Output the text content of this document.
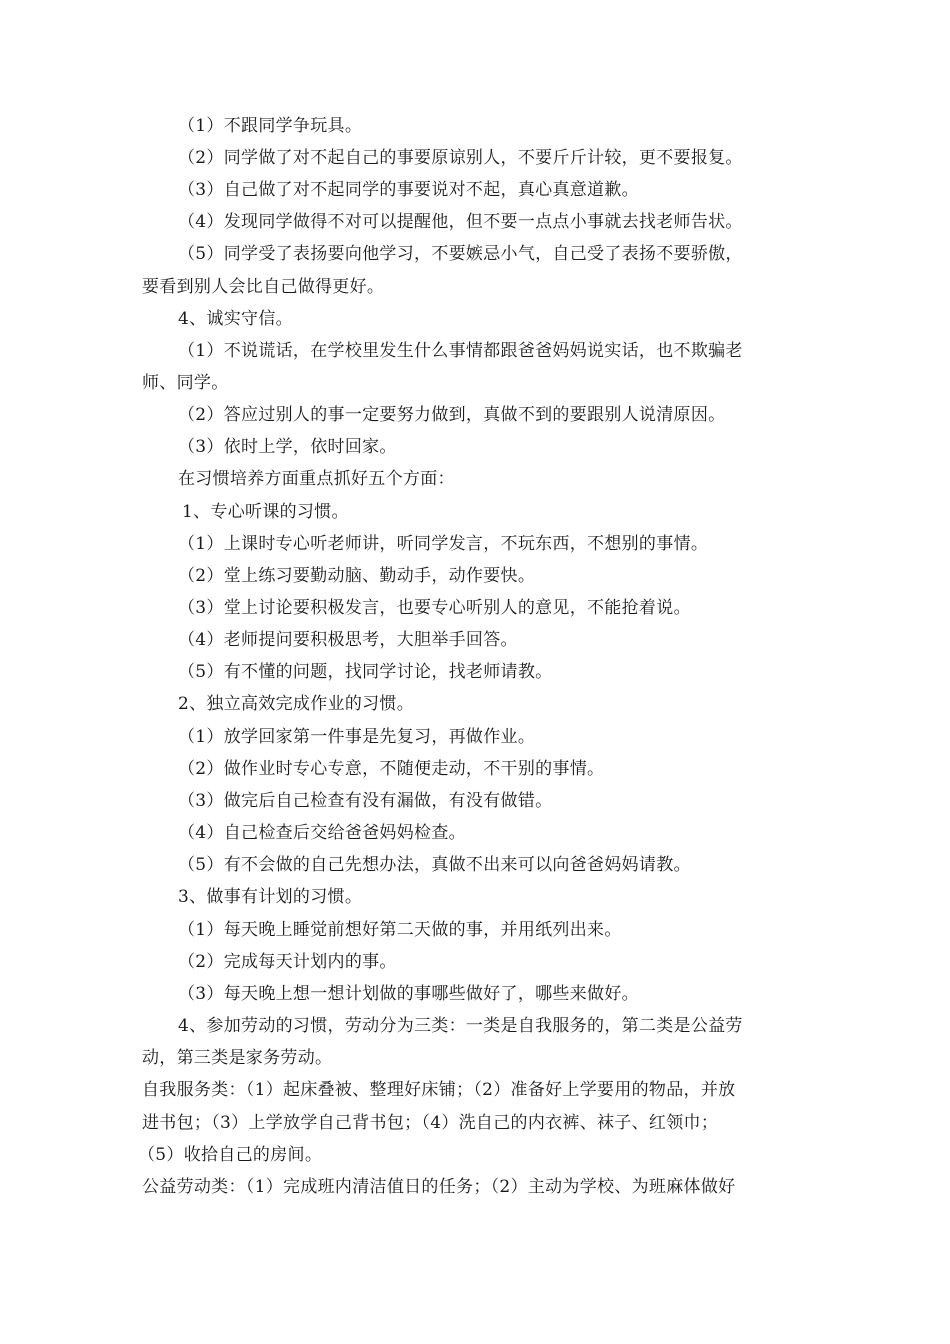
（1）不跟同学争玩具。
（2）同学做了对不起自己的事要原谅别人，不要斤斤计较，更不要报复。
（3）自己做了对不起同学的事要说对不起，真心真意道歉。
（4）发现同学做得不对可以提醒他，但不要一点点小事就去找老师告状。
（5）同学受了表扬要向他学习，不要嫉忌小气，自己受了表扬不要骄傲，
要看到别人会比自己做得更好。
4、诚实守信。
（1）不说谎话，在学校里发生什么事情都跟爸爸妈妈说实话，也不欺骗老
师、同学。
（2）答应过别人的事一定要努力做到，真做不到的要跟别人说清原因。
（3）依时上学，依时回家。
在习惯培养方面重点抓好五个方面：
1、专心听课的习惯。
（1）上课时专心听老师讲，听同学发言，不玩东西，不想别的事情。
（2）堂上练习要勤动脑、勤动手，动作要快。
（3）堂上讨论要积极发言，也要专心听别人的意见，不能抢着说。
（4）老师提问要积极思考，大胆举手回答。
（5）有不懂的问题，找同学讨论，找老师请教。
2、独立高效完成作业的习惯。
（1）放学回家第一件事是先复习，再做作业。
（2）做作业时专心专意，不随便走动，不干别的事情。
（3）做完后自己检查有没有漏做，有没有做错。
（4）自己检查后交给爸爸妈妈检查。
（5）有不会做的自己先想办法，真做不出来可以向爸爸妈妈请教。
3、做事有计划的习惯。
（1）每天晚上睡觉前想好第二天做的事，并用纸列出来。
（2）完成每天计划内的事。
（3）每天晚上想一想计划做的事哪些做好了，哪些来做好。
4、参加劳动的习惯，劳动分为三类：一类是自我服务的，第二类是公益劳
动，第三类是家务劳动。
自我服务类：（1）起床叠被、整理好床铺；（2）准备好上学要用的物品，并放
进书包；（3）上学放学自己背书包；（4）洗自己的内衣裤、袜子、红领巾；
（5）收拾自己的房间。
公益劳动类：（1）完成班内清洁值日的任务；（2）主动为学校、为班麻体做好
